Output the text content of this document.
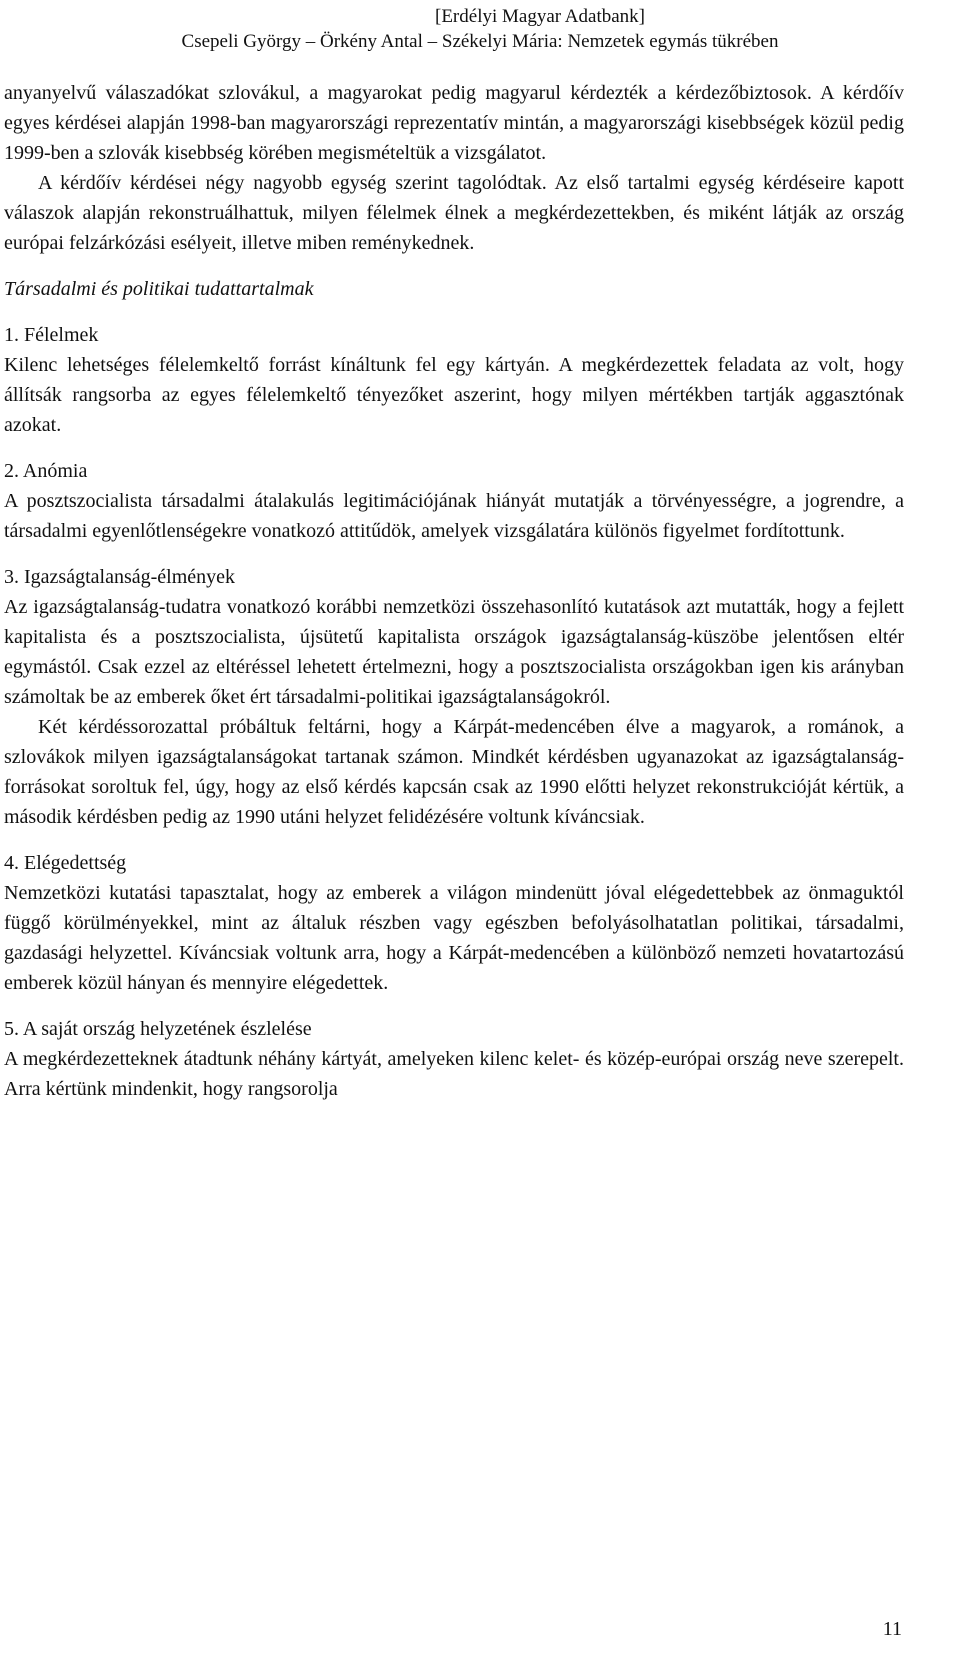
[Erdélyi Magyar Adatbank]
Csepeli György – Örkény Antal – Székelyi Mária: Nemzetek egymás tükrében

anyanyelvű válaszadókat szlovákul, a magyarokat pedig magyarul kérdezték a kérdezőbiztosok. A kérdőív egyes kérdései alapján 1998-ban magyarországi reprezentatív mintán, a magyarországi kisebbségek közül pedig 1999-ben a szlovák kisebbség körében megismételtük a vizsgálatot.

A kérdőív kérdései négy nagyobb egység szerint tagolódtak. Az első tartalmi egység kérdéseire kapott válaszok alapján rekonstruálhattuk, milyen félelmek élnek a megkérdezettekben, és miként látják az ország európai felzárkózási esélyeit, illetve miben reménykednek.

Társadalmi és politikai tudattartalmak

1. Félelmek

Kilenc lehetséges félelemkeltő forrást kínáltunk fel egy kártyán. A megkérdezettek feladata az volt, hogy állítsák rangsorba az egyes félelemkeltő tényezőket aszerint, hogy milyen mértékben tartják aggasztónak azokat.

2. Anómia

A posztszocialista társadalmi átalakulás legitimációjának hiányát mutatják a törvényességre, a jogrendre, a társadalmi egyenlőtlenségekre vonatkozó attitűdök, amelyek vizsgálatára különös figyelmet fordítottunk.

3. Igazságtalanság-élmények

Az igazságtalanság-tudatra vonatkozó korábbi nemzetközi összehasonlító kutatások azt mutatták, hogy a fejlett kapitalista és a posztszocialista, újsütetű kapitalista országok igazságtalanság-küszöbe jelentősen eltér egymástól. Csak ezzel az eltéréssel lehetett értelmezni, hogy a posztszocialista országokban igen kis arányban számoltak be az emberek őket ért társadalmi-politikai igazságtalanságokról.

Két kérdéssorozattal próbáltuk feltárni, hogy a Kárpát-medencében élve a magyarok, a románok, a szlovákok milyen igazságtalanságokat tartanak számon. Mindkét kérdésben ugyanazokat az igazságtalanság-forrásokat soroltuk fel, úgy, hogy az első kérdés kapcsán csak az 1990 előtti helyzet rekonstrukcióját kértük, a második kérdésben pedig az 1990 utáni helyzet felidézésére voltunk kíváncsiak.

4. Elégedettség

Nemzetközi kutatási tapasztalat, hogy az emberek a világon mindenütt jóval elégedettebbek az önmaguktól függő körülményekkel, mint az általuk részben vagy egészben befolyásolhatatlan politikai, társadalmi, gazdasági helyzettel. Kíváncsiak voltunk arra, hogy a Kárpát-medencében a különböző nemzeti hovatartozású emberek közül hányan és mennyire elégedettek.

5. A saját ország helyzetének észlelése

A megkérdezetteknek átadtunk néhány kártyát, amelyeken kilenc kelet- és közép-európai ország neve szerepelt. Arra kértünk mindenkit, hogy rangsorolja

11
